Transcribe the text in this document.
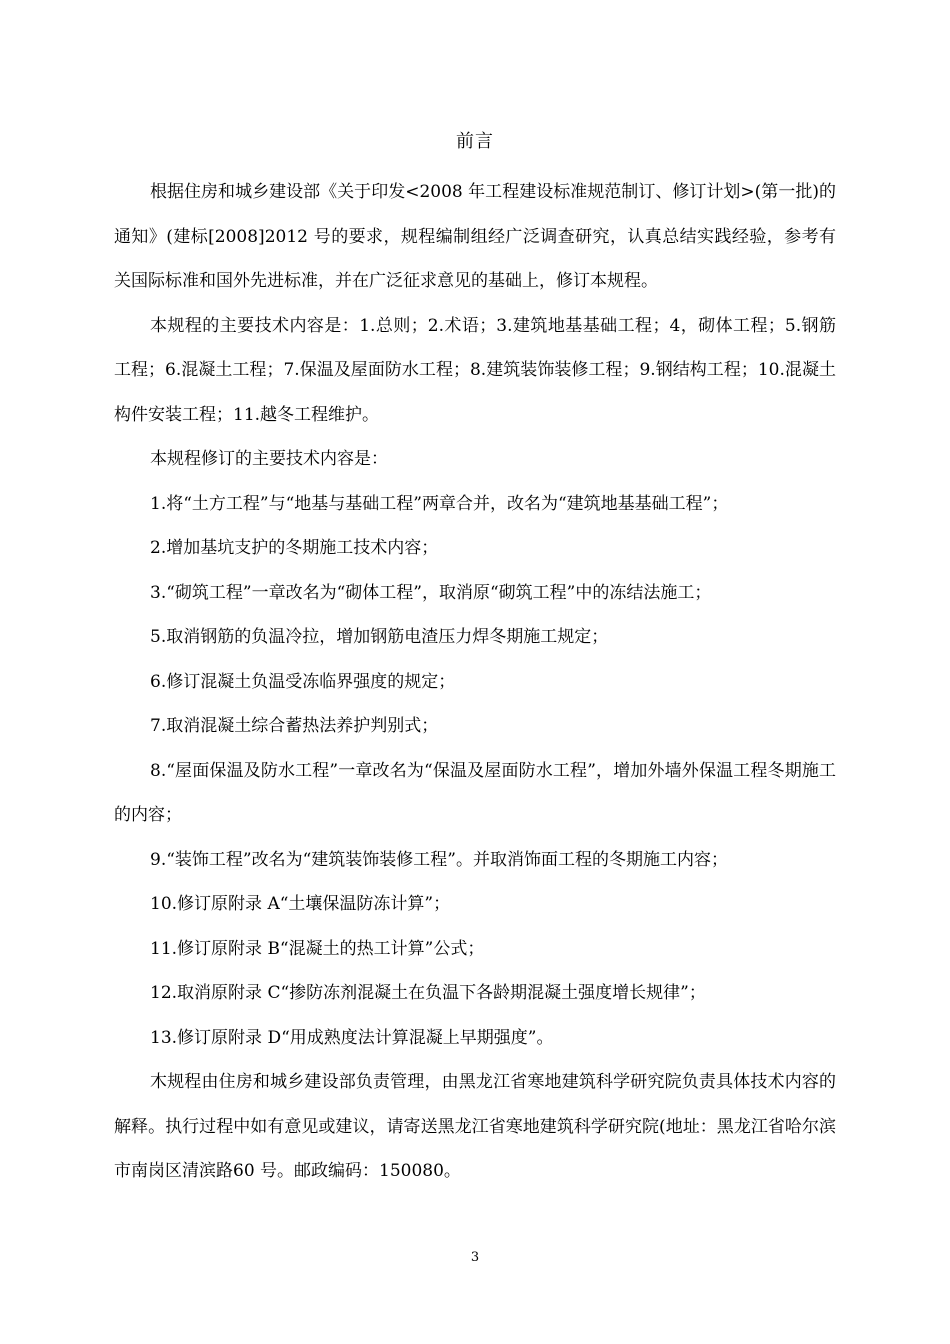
前言

根据住房和城乡建设部《关于印发<2008 年工程建设标准规范制订、修订计划>(第一批)的通知》(建标[2008]2012 号的要求，规程编制组经广泛调查研究，认真总结实践经验，参考有关国际标准和国外先进标准，并在广泛征求意见的基础上，修订本规程。

本规程的主要技术内容是：1.总则；2.术语；3.建筑地基基础工程；4，砌体工程；5.钢筋工程；6.混凝土工程；7.保温及屋面防水工程；8.建筑装饰装修工程；9.钢结构工程；10.混凝土构件安装工程；11.越冬工程维护。

本规程修订的主要技术内容是：

1.将“土方工程”与“地基与基础工程”两章合并，改名为“建筑地基基础工程”；

2.增加基坑支护的冬期施工技术内容；

3.“砌筑工程”一章改名为“砌体工程”，取消原“砌筑工程”中的冻结法施工；

5.取消钢筋的负温冷拉，增加钢筋电渣压力焊冬期施工规定；

6.修订混凝土负温受冻临界强度的规定；

7.取消混凝土综合蓄热法养护判别式；

8.“屋面保温及防水工程”一章改名为“保温及屋面防水工程”，增加外墙外保温工程冬期施工的内容；

9.“装饰工程”改名为“建筑装饰装修工程”。并取消饰面工程的冬期施工内容；

10.修订原附录 A“土壤保温防冻计算”；

11.修订原附录 B“混凝土的热工计算”公式；

12.取消原附录 C“掺防冻剂混凝土在负温下各龄期混凝土强度增长规律”；

13.修订原附录 D“用成熟度法计算混凝上早期强度”。

木规程由住房和城乡建设部负责管理，由黑龙江省寒地建筑科学研究院负责具体技术内容的解释。执行过程中如有意见或建议，请寄送黑龙江省寒地建筑科学研究院(地址：黑龙江省哈尔滨市南岗区清滨路60 号。邮政编码：150080。

3
